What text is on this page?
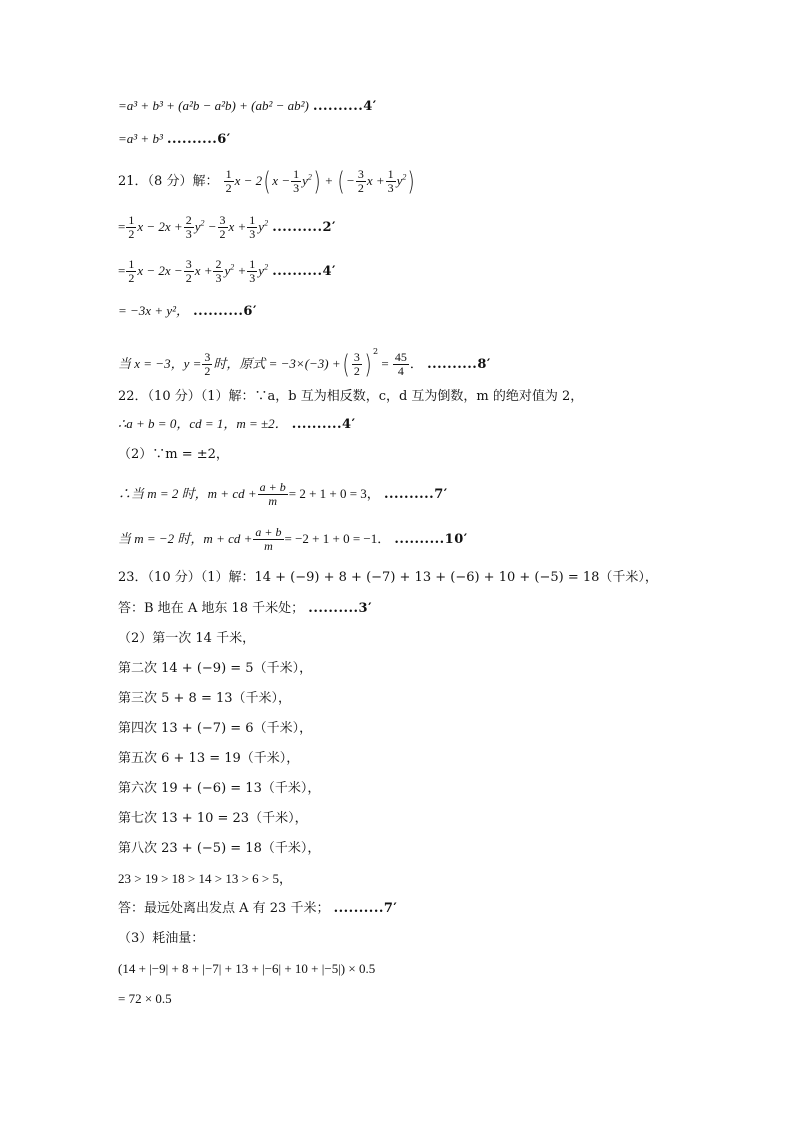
=a³ + b³ + (a²b − a²b) + (ab² − ab²) ..........4′
=a³ + b³ ..........6′
21．（8 分）解： $\frac{1}{2}$ x − 2( $x - \frac{1}{3} y^2$) + ( − $\frac{3}{2}$ $x + \frac{1}{3} y^2$)
= $\frac{1}{2}$ $x - 2x + \frac{2}{3} y^2 - \frac{3}{2}$ $x + \frac{1}{3} y^2$ ..........2′
= $\frac{1}{2}$ $x - 2x - \frac{3}{2}$ $x + \frac{2}{3} y^2 + \frac{1}{3} y^2$ ..........4′
= −3x + y²， ..........6′
当 x = −3，$y = \frac{3}{2}$ 时，原式 = −3×(−3) +( $\frac{3}{2}$ ) $^2 = \frac{45}{4}$ ． ..........8′
22．（10 分）（1）解：∵a，b 互为相反数，c，d 互为倒数，m 的绝对值为 2，
∴a + b = 0，cd = 1，m = ±2． ..........4′
（2）∵m = ±2，
∴当 m = 2 时，m + cd + $\frac{a + b}{m} = 2 + 1 + 0 = 3$， ..........7′
当 m = −2 时，m + cd + $\frac{a + b}{m} = -2 + 1 + 0 = -1$． ..........10′
23．（10 分）（1）解：14 + (−9) + 8 + (−7) + 13 + (−6) + 10 + (−5) = 18（千米），
答：B 地在 A 地东 18 千米处； ..........3′
（2）第一次 14 千米，
第二次 14 + (−9) = 5（千米），
第三次 5 + 8 = 13（千米），
第四次 13 + (−7) = 6（千米），
第五次 6 + 13 = 19（千米），
第六次 19 + (−6) = 13（千米），
第七次 13 + 10 = 23（千米），
第八次 23 + (−5) = 18（千米），
23 > 19 > 18 > 14 > 13 > 6 > 5，
答：最远处离出发点 A 有 23 千米； ..........7′
（3）耗油量：
(14 + |−9| + 8 + |−7| + 13 + |−6| + 10 + |−5|) × 0.5
= 72 × 0.5
